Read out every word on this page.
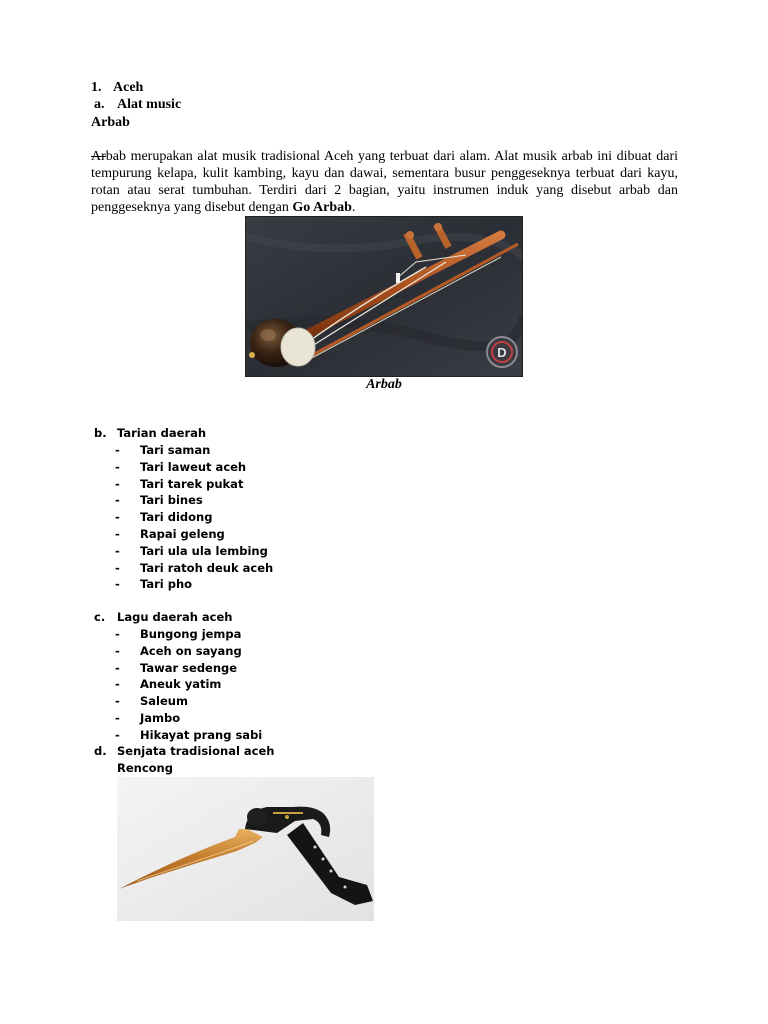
1. Aceh
a. Alat music
Arbab
Arbab merupakan alat musik tradisional Aceh yang terbuat dari alam. Alat musik arbab ini dibuat dari tempurung kelapa, kulit kambing, kayu dan dawai, sementara busur penggeseknya terbuat dari kayu, rotan atau serat tumbuhan. Terdiri dari 2 bagian, yaitu instrumen induk yang disebut arbab dan penggeseknya yang disebut dengan Go Arbab.
D
Arbab
b. Tarian daerah
- Tari saman
- Tari laweut aceh
- Tari tarek pukat
- Tari bines
- Tari didong
- Rapai geleng
- Tari ula ula lembing
- Tari ratoh deuk aceh
- Tari pho
c. Lagu daerah aceh
- Bungong jempa
- Aceh on sayang
- Tawar sedenge
- Aneuk yatim
- Saleum
- Jambo
- Hikayat prang sabi
d. Senjata tradisional aceh
Rencong
